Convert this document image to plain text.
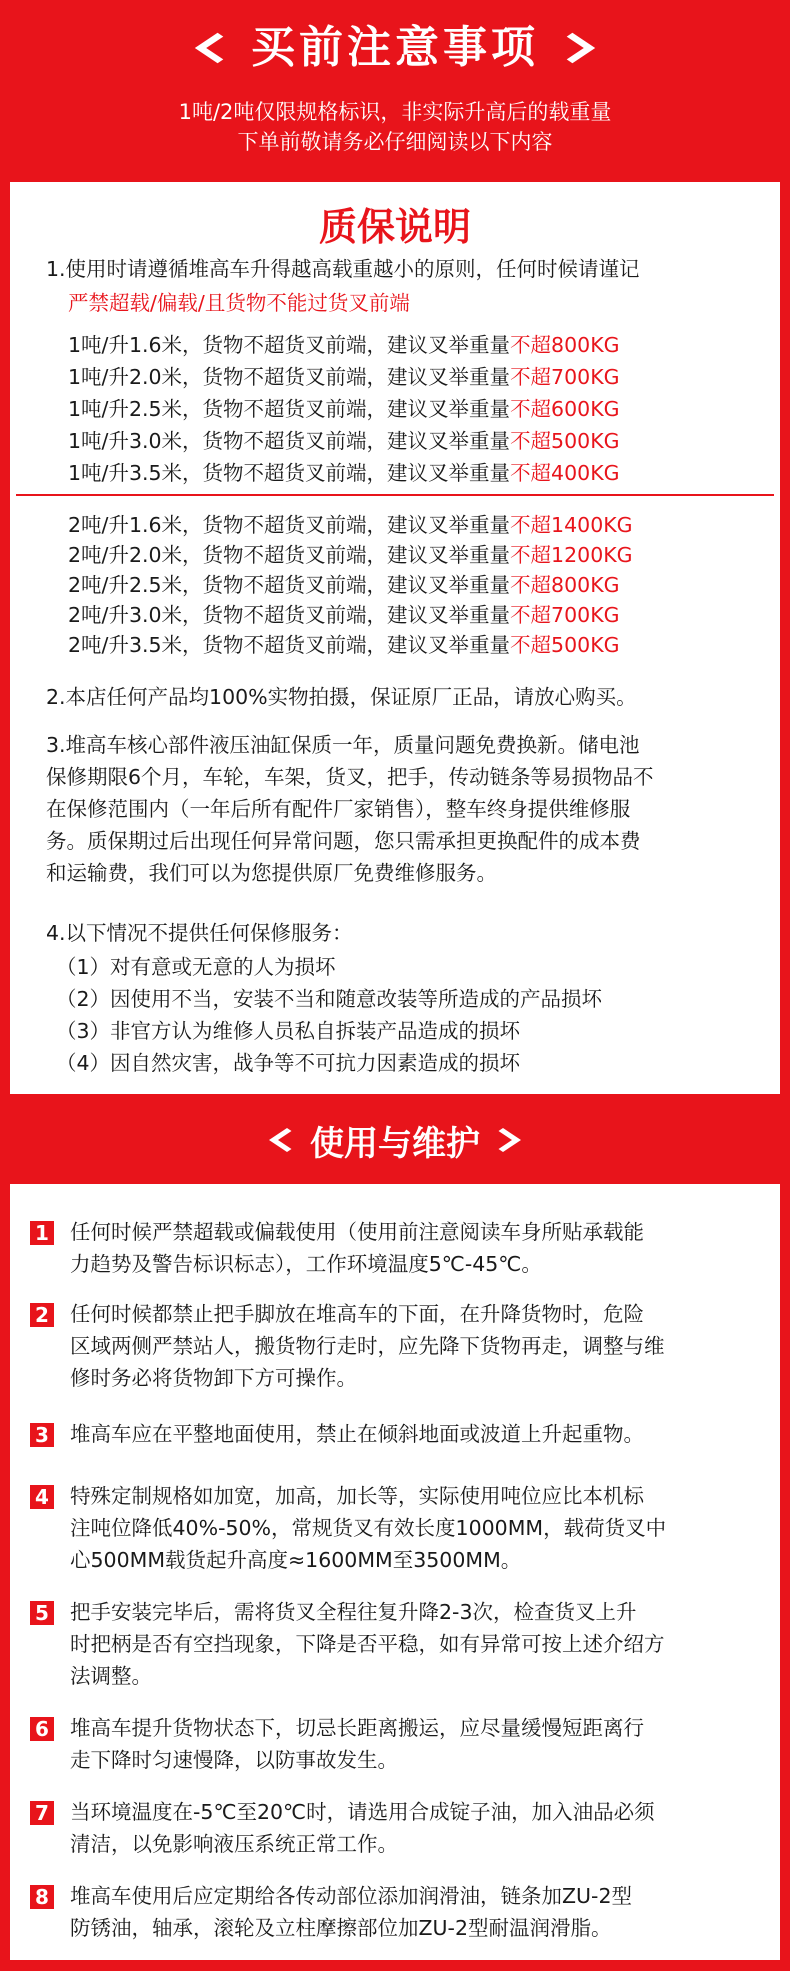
买前注意事项
1吨/2吨仅限规格标识，非实际升高后的载重量
下单前敬请务必仔细阅读以下内容
质保说明
1.使用时请遵循堆高车升得越高载重越小的原则，任何时候请谨记
严禁超载/偏载/且货物不能过货叉前端
1吨/升1.6米，货物不超货叉前端，建议叉举重量不超800KG
1吨/升2.0米，货物不超货叉前端，建议叉举重量不超700KG
1吨/升2.5米，货物不超货叉前端，建议叉举重量不超600KG
1吨/升3.0米，货物不超货叉前端，建议叉举重量不超500KG
1吨/升3.5米，货物不超货叉前端，建议叉举重量不超400KG
2吨/升1.6米，货物不超货叉前端，建议叉举重量不超1400KG
2吨/升2.0米，货物不超货叉前端，建议叉举重量不超1200KG
2吨/升2.5米，货物不超货叉前端，建议叉举重量不超800KG
2吨/升3.0米，货物不超货叉前端，建议叉举重量不超700KG
2吨/升3.5米，货物不超货叉前端，建议叉举重量不超500KG
2.本店任何产品均100%实物拍摄，保证原厂正品，请放心购买。
3.堆高车核心部件液压油缸保质一年，质量问题免费换新。储电池
保修期限6个月，车轮，车架，货叉，把手，传动链条等易损物品不
在保修范围内（一年后所有配件厂家销售），整车终身提供维修服
务。质保期过后出现任何异常问题，您只需承担更换配件的成本费
和运输费，我们可以为您提供原厂免费维修服务。
4.以下情况不提供任何保修服务：
（1）对有意或无意的人为损坏
（2）因使用不当，安装不当和随意改装等所造成的产品损坏
（3）非官方认为维修人员私自拆装产品造成的损坏
（4）因自然灾害，战争等不可抗力因素造成的损坏
使用与维护
1 任何时候严禁超载或偏载使用（使用前注意阅读车身所贴承载能
力趋势及警告标识标志），工作环境温度5℃-45℃。
2 任何时候都禁止把手脚放在堆高车的下面，在升降货物时，危险
区域两侧严禁站人，搬货物行走时，应先降下货物再走，调整与维
修时务必将货物卸下方可操作。
3 堆高车应在平整地面使用，禁止在倾斜地面或波道上升起重物。
4 特殊定制规格如加宽，加高，加长等，实际使用吨位应比本机标
注吨位降低40%-50%，常规货叉有效长度1000MM，载荷货叉中
心500MM载货起升高度≈1600MM至3500MM。
5 把手安装完毕后，需将货叉全程往复升降2-3次，检查货叉上升
时把柄是否有空挡现象，下降是否平稳，如有异常可按上述介绍方
法调整。
6 堆高车提升货物状态下，切忌长距离搬运，应尽量缓慢短距离行
走下降时匀速慢降，以防事故发生。
7 当环境温度在-5℃至20℃时，请选用合成锭子油，加入油品必须
清洁，以免影响液压系统正常工作。
8 堆高车使用后应定期给各传动部位添加润滑油，链条加ZU-2型
防锈油，轴承，滚轮及立柱摩擦部位加ZU-2型耐温润滑脂。
